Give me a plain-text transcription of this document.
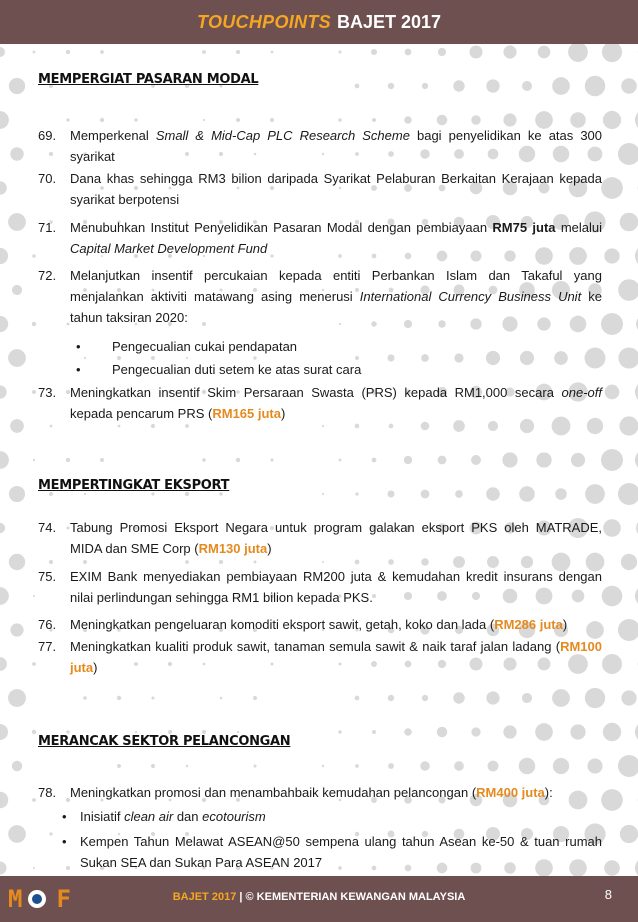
TOUCHPOINTS BAJET 2017
MEMPERGIAT PASARAN MODAL
69.	Memperkenal Small & Mid-Cap PLC Research Scheme bagi penyelidikan ke atas 300 syarikat
70.	Dana khas sehingga RM3 bilion daripada Syarikat Pelaburan Berkaitan Kerajaan kepada syarikat berpotensi
71.	Menubuhkan Institut Penyelidikan Pasaran Modal dengan pembiayaan RM75 juta melalui Capital Market Development Fund
72.	Melanjutkan insentif percukaian kepada entiti Perbankan Islam dan Takaful yang menjalankan aktiviti matawang asing menerusi International Currency Business Unit ke tahun taksiran 2020:
• Pengecualian cukai pendapatan
• Pengecualian duti setem ke atas surat cara
73.	Meningkatkan insentif Skim Persaraan Swasta (PRS) kepada RM1,000 secara one-off kepada pencarum PRS (RM165 juta)
MEMPERTINGKAT EKSPORT
74.	Tabung Promosi Eksport Negara untuk program galakan eksport PKS oleh MATRADE, MIDA dan SME Corp (RM130 juta)
75.	EXIM Bank menyediakan pembiayaan RM200 juta & kemudahan kredit insurans dengan nilai perlindungan sehingga RM1 bilion kepada PKS.
76.	Meningkatkan pengeluaran komoditi eksport sawit, getah, koko dan lada (RM286 juta)
77.	Meningkatkan kualiti produk sawit, tanaman semula sawit & naik taraf jalan ladang (RM100 juta)
MERANCAK SEKTOR PELANCONGAN
78.	Meningkatkan promosi dan menambahbaik kemudahan pelancongan (RM400 juta):
• Inisiatif clean air dan ecotourism
• Kempen Tahun Melawat ASEAN@50 sempena ulang tahun Asean ke-50 & tuan rumah Sukan SEA dan Sukan Para ASEAN 2017
M F	BAJET 2017 | © KEMENTERIAN KEWANGAN MALAYSIA	8
